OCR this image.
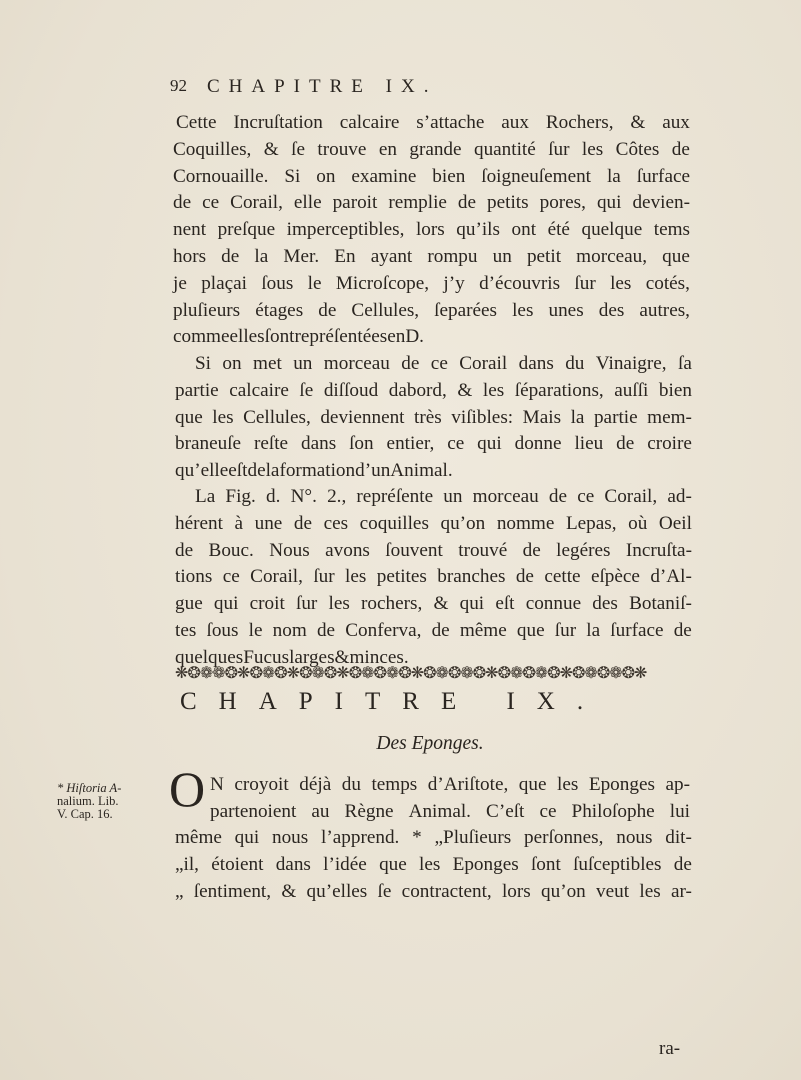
92 CHAPITRE IX.
Cette Incruſtation calcaire s’attache aux Rochers, & aux
Coquilles, & ſe trouve en grande quantité ſur les Côtes de
Cornouaille. Si on examine bien ſoigneuſement la ſurface
de ce Corail, elle paroit remplie de petits pores, qui devien-
nent preſque imperceptibles, lors qu’ils ont été quelque tems
hors de la Mer. En ayant rompu un petit morceau, que
je plaçai ſous le Microſcope, j’y d’écouvris ſur les cotés,
pluſieurs étages de Cellules, ſeparées les unes des autres,
comme elles ſont repréſentées en D.
Si on met un morceau de ce Corail dans du Vinaigre, ſa
partie calcaire ſe diſſoud dabord, & les ſéparations, auſſi bien
que les Cellules, deviennent très viſibles: Mais la partie mem-
braneuſe reſte dans ſon entier, ce qui donne lieu de croire
qu’elle eſt de la formation d’un Animal.
La Fig. d. N°. 2., repréſente un morceau de ce Corail, ad-
hérent à une de ces coquilles qu’on nomme Lepas, où Oeil
de Bouc. Nous avons ſouvent trouvé de legéres Incruſta-
tions ce Corail, ſur les petites branches de cette eſpèce d’Al-
gue qui croit ſur les rochers, & qui eſt connue des Botaniſ-
tes ſous le nom de Conferva, de même que ſur la ſurface de
quelques Fucus larges & minces.
❋❂❁❁❂❋❂❁❂❋❂❁❂❋❂❁❂❁❂❋❂❁❂❁❂❋❂❁❂❁❂❋❂❁❂❁❂❋
CHAPITRE IX.
Des Eponges.
O N croyoit déjà du temps d’Ariſtote, que les Eponges ap-
partenoient au Règne Animal. C’eſt ce Philoſophe lui
même qui nous l’apprend. * „Pluſieurs perſonnes, nous dit-
„il, étoient dans l’idée que les Eponges ſont ſuſceptibles de
„ ſentiment, & qu’elles ſe contractent, lors qu’on veut les ar-
ra-
* Hiſtoria A-
nalium. Lib.
V. Cap. 16.
